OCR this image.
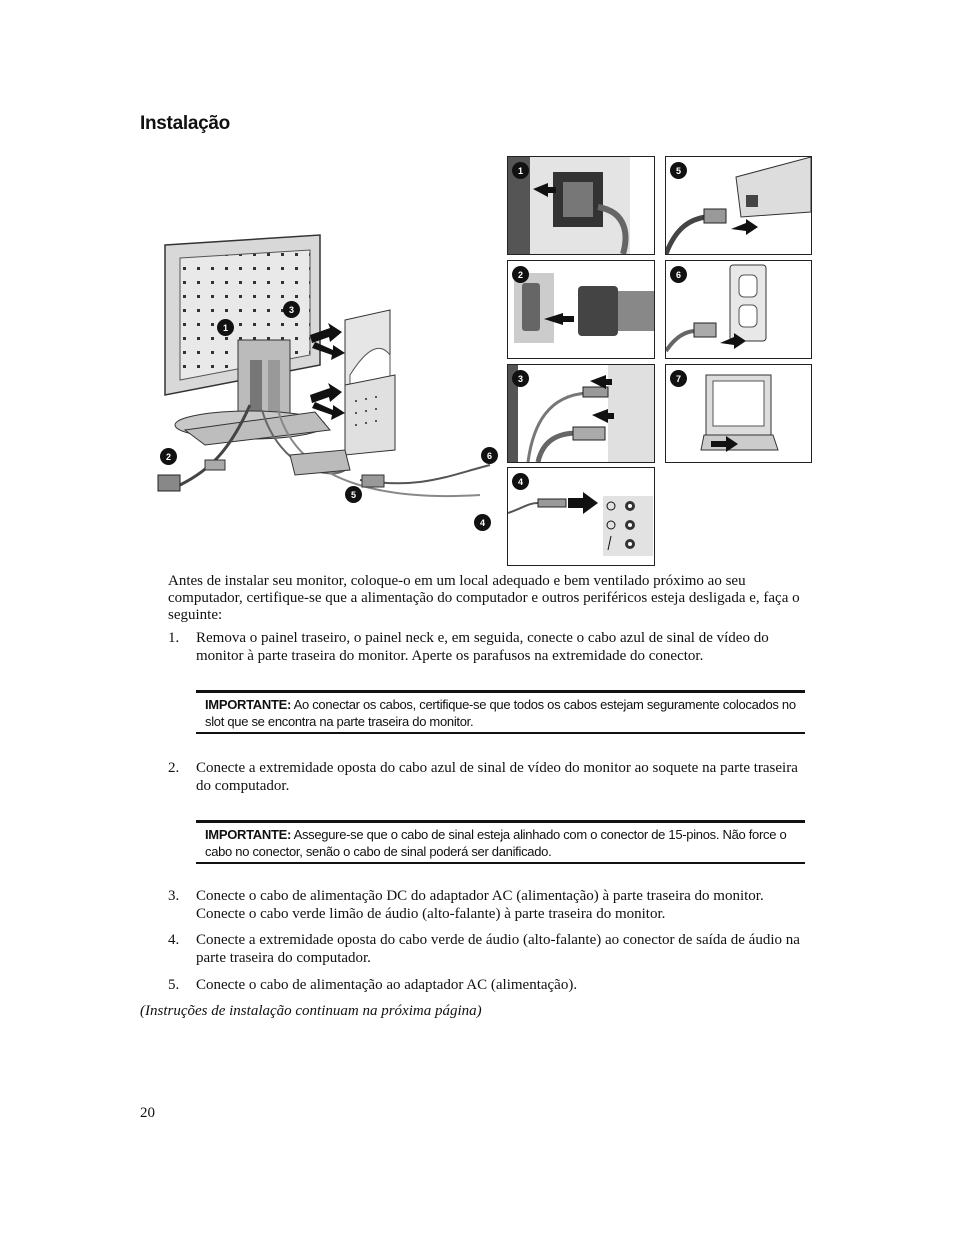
Instalação
1
2
3
4
5
6
1
2
3
4
5
6
7
Antes de instalar seu monitor, coloque-o em um local adequado e bem ventilado próximo ao seu computador, certifique-se que a alimentação do computador e outros periféricos esteja desligada e, faça o seguinte:
1. Remova o painel traseiro, o painel neck e, em seguida, conecte o cabo azul de sinal de vídeo do monitor à parte traseira do monitor. Aperte os parafusos na extremidade do conector.
IMPORTANTE: Ao conectar os cabos, certifique-se que todos os cabos estejam seguramente colocados no slot que se encontra na parte traseira do monitor.
2. Conecte a extremidade oposta do cabo azul de sinal de vídeo do monitor ao soquete na parte traseira do computador.
IMPORTANTE: Assegure-se que o cabo de sinal esteja alinhado com o conector de 15-pinos. Não force o cabo no conector, senão o cabo de sinal poderá ser danificado.
3. Conecte o cabo de alimentação DC do adaptador AC (alimentação) à parte traseira do monitor. Conecte o cabo verde limão de áudio (alto-falante) à parte traseira do monitor.
4. Conecte a extremidade oposta do cabo verde de áudio (alto-falante) ao conector de saída de áudio na parte traseira do computador.
5. Conecte o cabo de alimentação ao adaptador AC (alimentação).
(Instruções de instalação continuam na próxima página)
20
